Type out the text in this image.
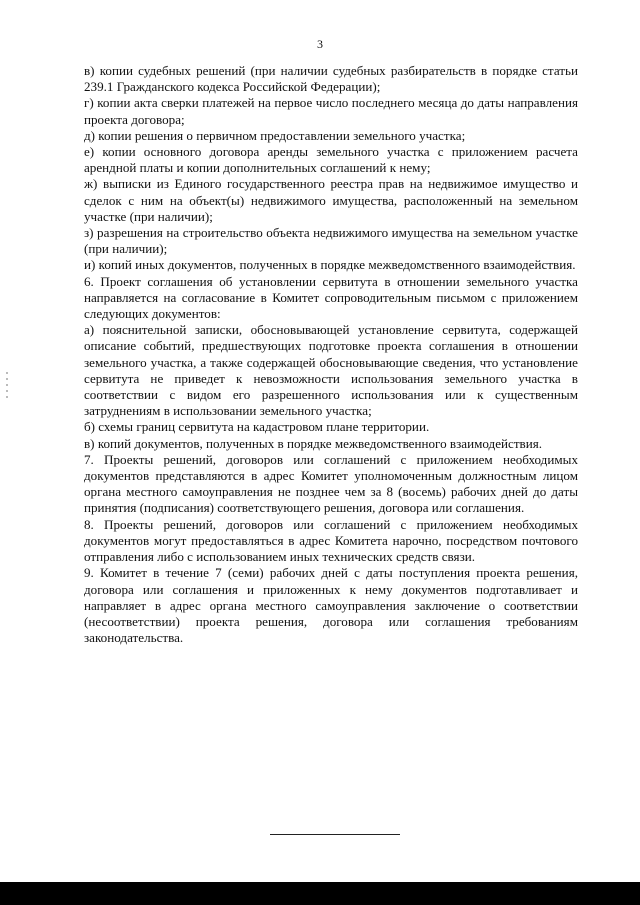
3

в) копии судебных решений (при наличии судебных разбирательств в порядке статьи 239.1 Гражданского кодекса Российской Федерации);

г) копии акта сверки платежей на первое число последнего месяца до даты направления проекта договора;

д) копии решения о первичном предоставлении земельного участка;

е) копии основного договора аренды земельного участка с приложением расчета арендной платы и копии дополнительных соглашений к нему;

ж) выписки из Единого государственного реестра прав на недвижимое имущество и сделок с ним на объект(ы) недвижимого имущества, расположенный на земельном участке (при наличии);

з) разрешения на строительство объекта недвижимого имущества на земельном участке (при наличии);

и) копий иных документов, полученных в порядке межведомственного взаимодействия.

6. Проект соглашения об установлении сервитута в отношении земельного участка направляется на согласование в Комитет сопроводительным письмом с приложением следующих документов:

а) пояснительной записки, обосновывающей установление сервитута, содержащей описание событий, предшествующих подготовке проекта соглашения в отношении земельного участка, а также содержащей обосновывающие сведения, что установление сервитута не приведет к невозможности использования земельного участка в соответствии с видом его разрешенного использования или к существенным затруднениям в использовании земельного участка;

б) схемы границ сервитута на кадастровом плане территории.

в) копий документов, полученных в порядке межведомственного взаимодействия.

7. Проекты решений, договоров или соглашений с приложением необходимых документов представляются в адрес Комитет уполномоченным должностным лицом органа местного самоуправления не позднее чем за 8 (восемь) рабочих дней до даты принятия (подписания) соответствующего решения, договора или соглашения.

8. Проекты решений, договоров или соглашений с приложением необходимых документов могут предоставляться в адрес Комитета нарочно, посредством почтового отправления либо с использованием иных технических средств связи.

9. Комитет в течение 7 (семи) рабочих дней с даты поступления проекта решения, договора или соглашения и приложенных к нему документов подготавливает и направляет в адрес органа местного самоуправления заключение о соответствии (несоответствии) проекта решения, договора или соглашения требованиям законодательства.
